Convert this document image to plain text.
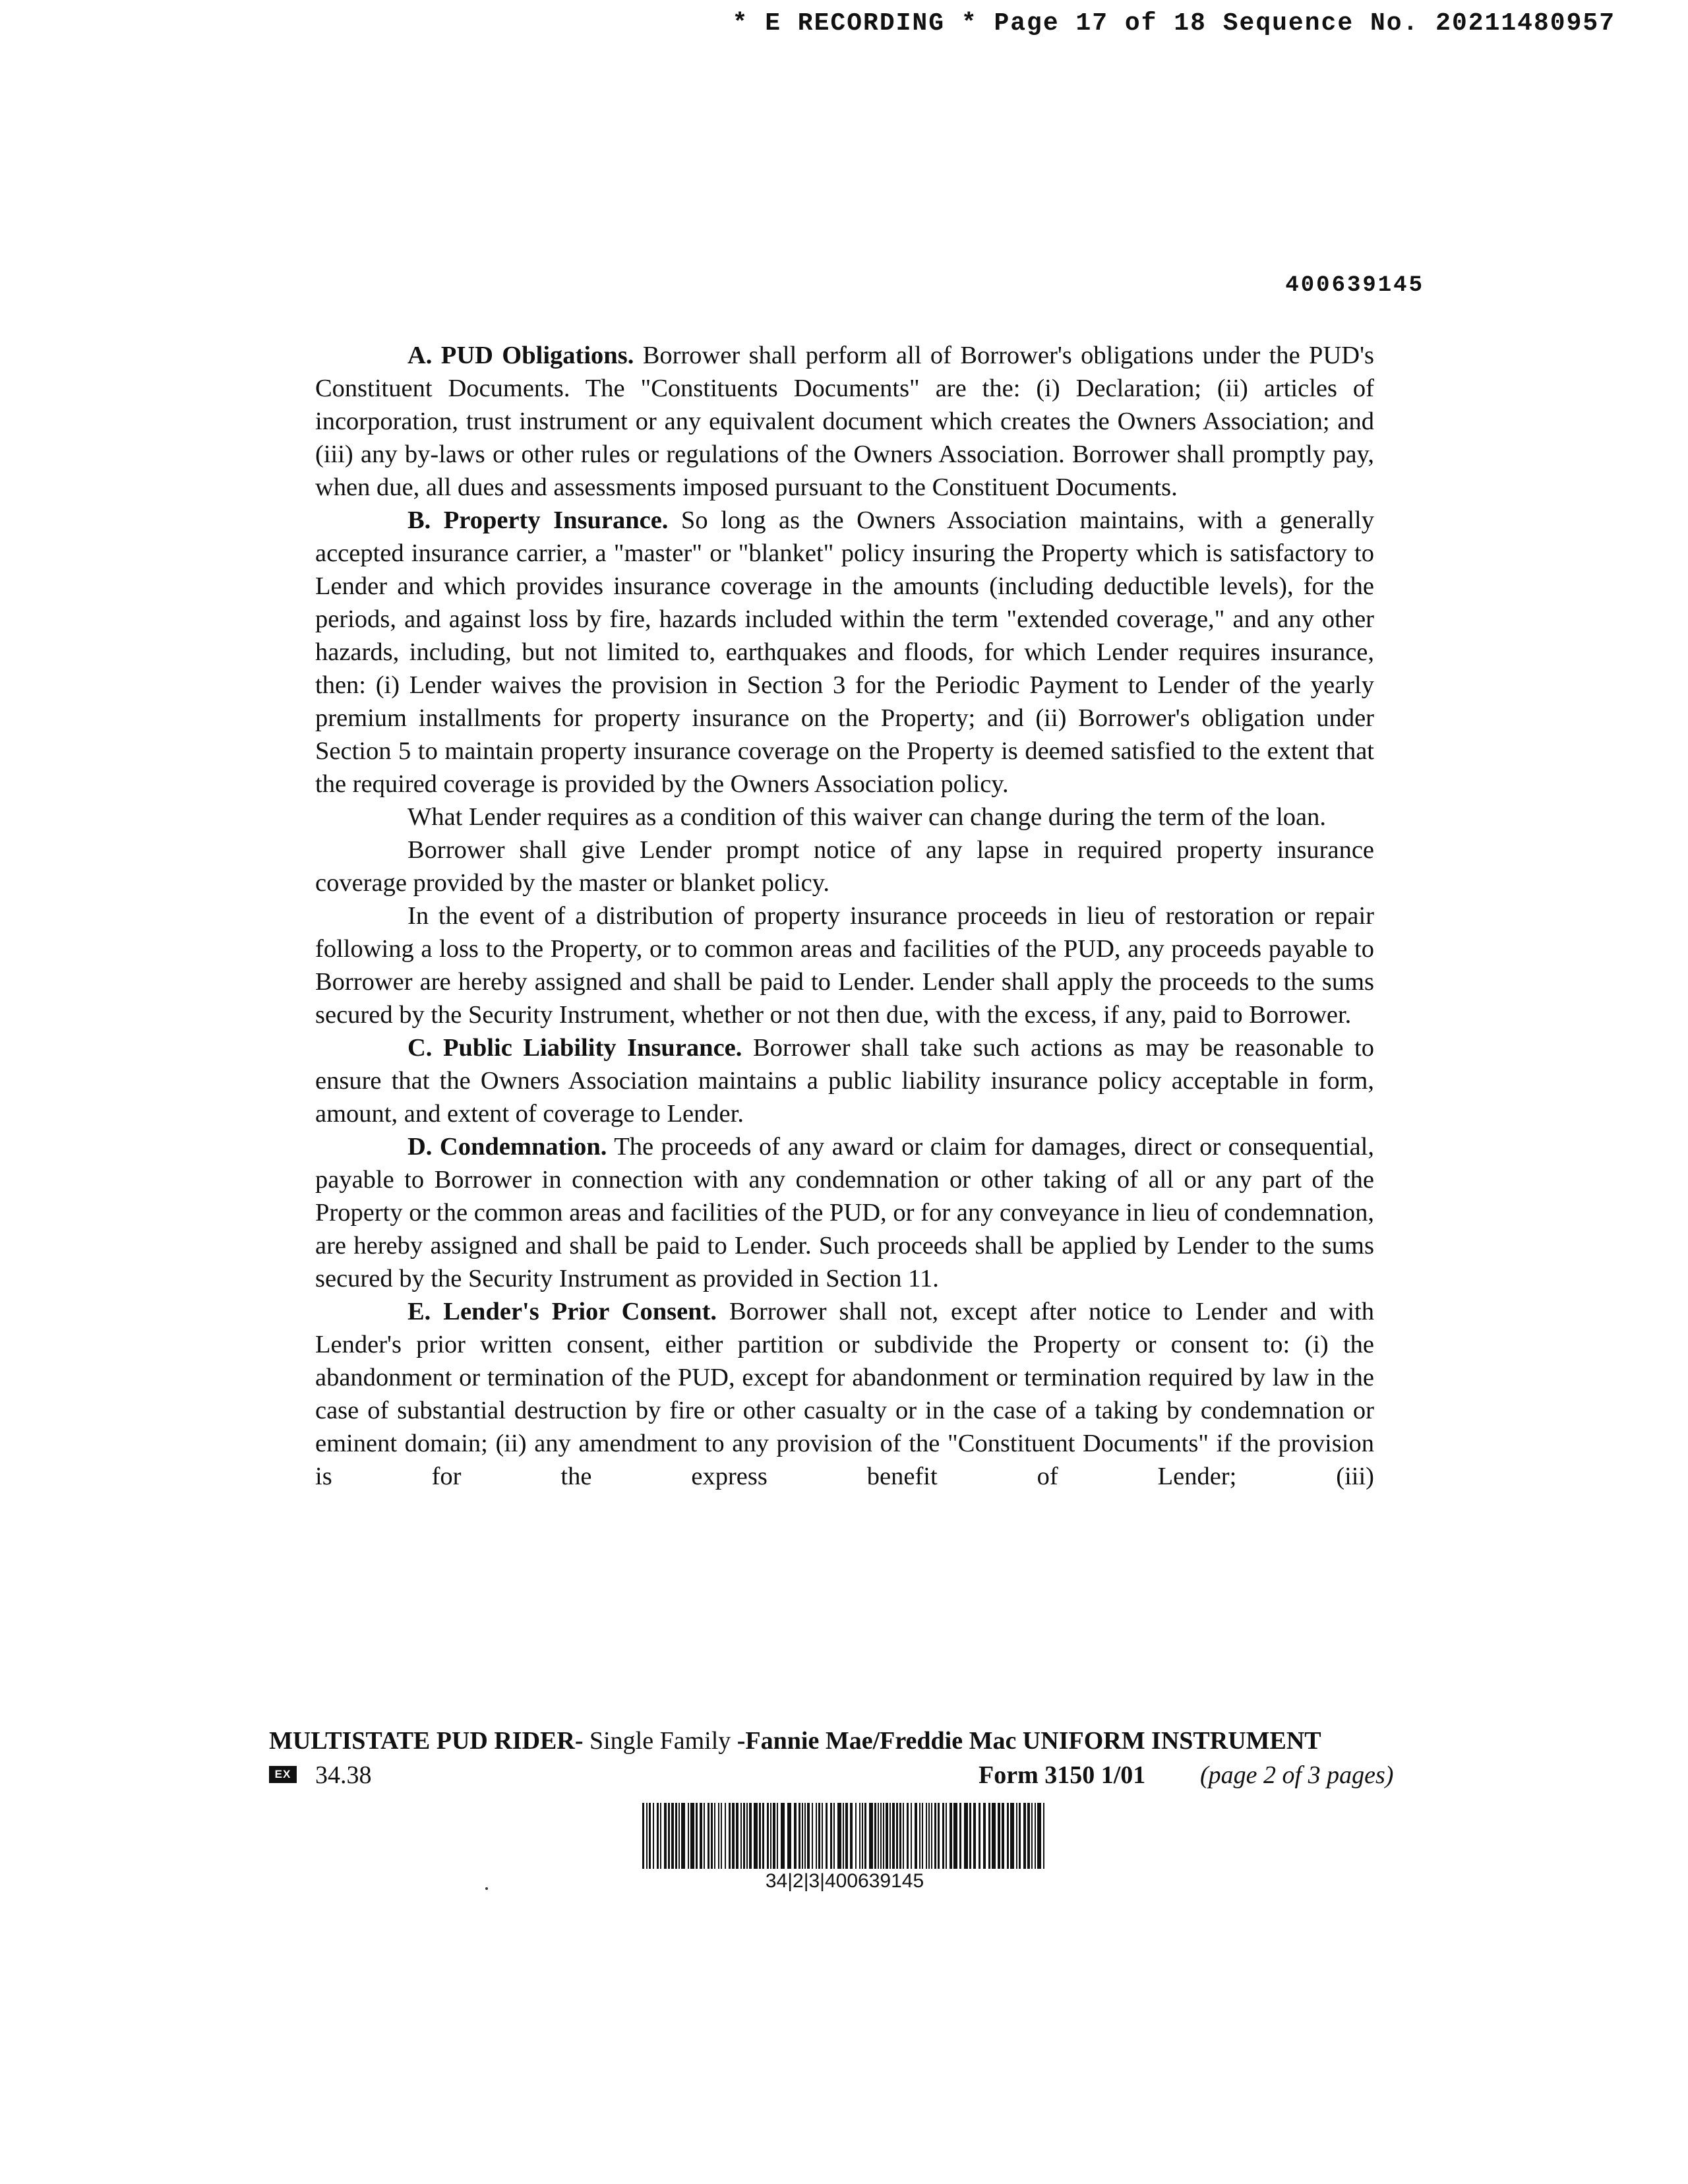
* E RECORDING * Page 17 of 18 Sequence No. 20211480957
400639145

A. PUD Obligations. Borrower shall perform all of Borrower's obligations under the PUD's Constituent Documents. The "Constituents Documents" are the: (i) Declaration; (ii) articles of incorporation, trust instrument or any equivalent document which creates the Owners Association; and (iii) any by-laws or other rules or regulations of the Owners Association. Borrower shall promptly pay, when due, all dues and assessments imposed pursuant to the Constituent Documents.

B. Property Insurance. So long as the Owners Association maintains, with a generally accepted insurance carrier, a "master" or "blanket" policy insuring the Property which is satisfactory to Lender and which provides insurance coverage in the amounts (including deductible levels), for the periods, and against loss by fire, hazards included within the term "extended coverage," and any other hazards, including, but not limited to, earthquakes and floods, for which Lender requires insurance, then: (i) Lender waives the provision in Section 3 for the Periodic Payment to Lender of the yearly premium installments for property insurance on the Property; and (ii) Borrower's obligation under Section 5 to maintain property insurance coverage on the Property is deemed satisfied to the extent that the required coverage is provided by the Owners Association policy.

What Lender requires as a condition of this waiver can change during the term of the loan.

Borrower shall give Lender prompt notice of any lapse in required property insurance coverage provided by the master or blanket policy.

In the event of a distribution of property insurance proceeds in lieu of restoration or repair following a loss to the Property, or to common areas and facilities of the PUD, any proceeds payable to Borrower are hereby assigned and shall be paid to Lender. Lender shall apply the proceeds to the sums secured by the Security Instrument, whether or not then due, with the excess, if any, paid to Borrower.

C. Public Liability Insurance. Borrower shall take such actions as may be reasonable to ensure that the Owners Association maintains a public liability insurance policy acceptable in form, amount, and extent of coverage to Lender.

D. Condemnation. The proceeds of any award or claim for damages, direct or consequential, payable to Borrower in connection with any condemnation or other taking of all or any part of the Property or the common areas and facilities of the PUD, or for any conveyance in lieu of condemnation, are hereby assigned and shall be paid to Lender. Such proceeds shall be applied by Lender to the sums secured by the Security Instrument as provided in Section 11.

E. Lender's Prior Consent. Borrower shall not, except after notice to Lender and with Lender's prior written consent, either partition or subdivide the Property or consent to: (i) the abandonment or termination of the PUD, except for abandonment or termination required by law in the case of substantial destruction by fire or other casualty or in the case of a taking by condemnation or eminent domain; (ii) any amendment to any provision of the "Constituent Documents" if the provision is for the express benefit of Lender; (iii)

MULTISTATE PUD RIDER- Single Family -Fannie Mae/Freddie Mac UNIFORM INSTRUMENT
EX 34.38	Form 3150 1/01 (page 2 of 3 pages)
34|2|3|400639145
